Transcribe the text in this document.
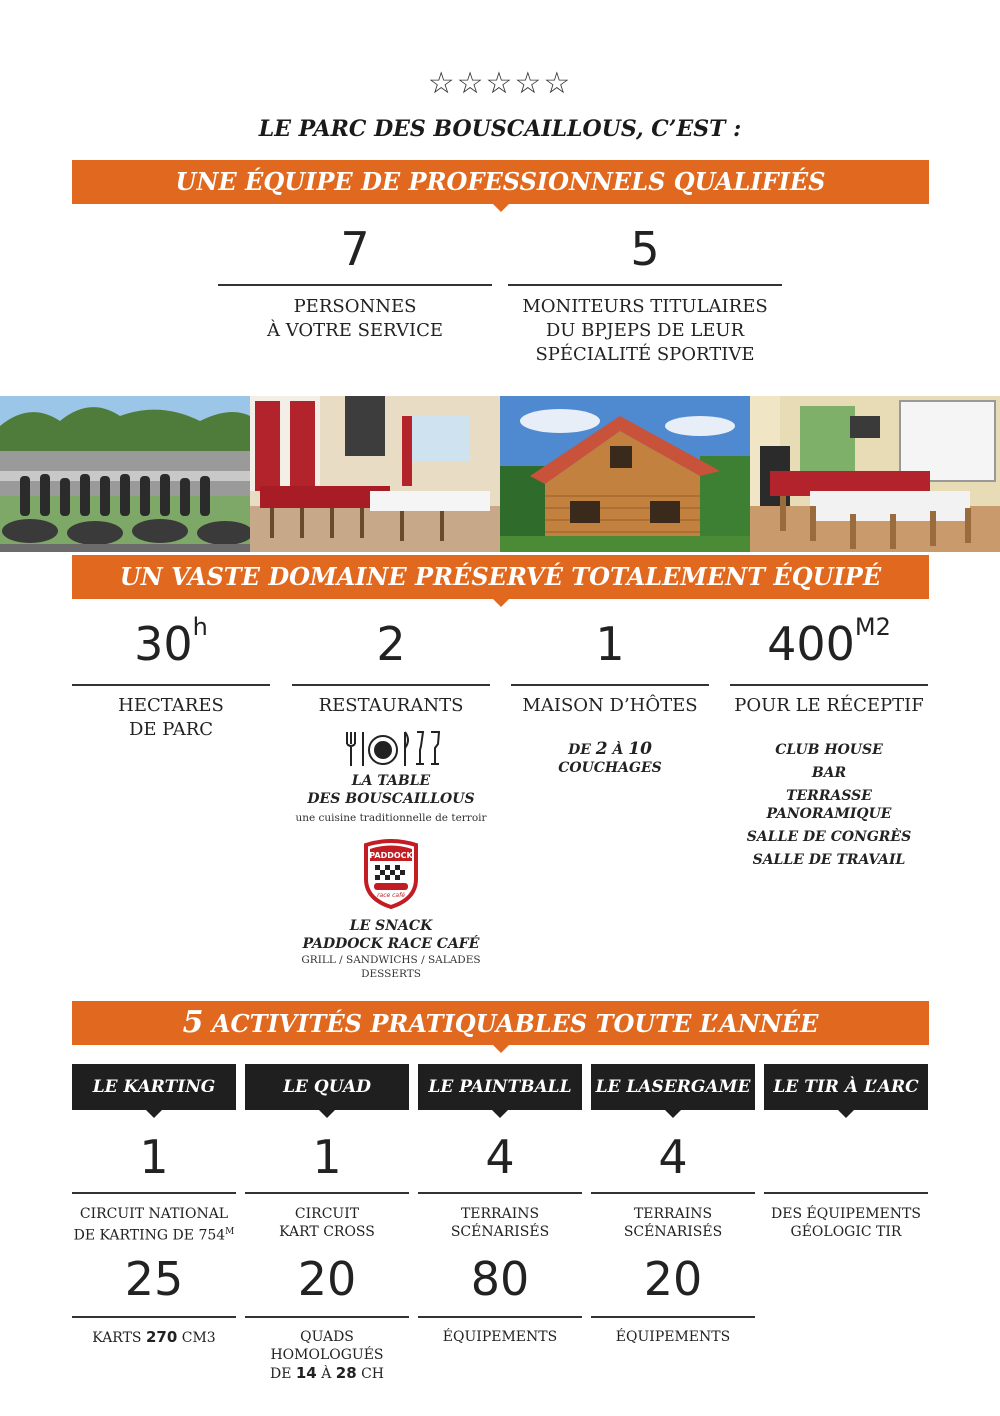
☆☆☆☆☆
LE PARC DES BOUSCAILLOUS, C’EST :
UNE ÉQUIPE DE PROFESSIONNELS QUALIFIÉS
7
PERSONNES
À VOTRE SERVICE
5
MONITEURS TITULAIRES
DU BPJEPS DE LEUR
SPÉCIALITÉ SPORTIVE
UN VASTE DOMAINE PRÉSERVÉ TOTALEMENT ÉQUIPÉ
30$^h$
HECTARES
DE PARC
2
RESTAURANTS
LA TABLE
DES BOUSCAILLOUS
une cuisine traditionnelle de terroir
PADDOCK
race café
LE SNACK
PADDOCK RACE CAFÉ
GRILL / SANDWICHS / SALADES
DESSERTS
1
MAISON D’HÔTES
DE 2 À 10
COUCHAGES
$400^{M2}$
POUR LE RÉCEPTIF
CLUB HOUSE
BAR
TERRASSE
PANORAMIQUE
SALLE DE CONGRÈS
SALLE DE TRAVAIL
5 ACTIVITÉS PRATIQUABLES TOUTE L’ANNÉE
LE KARTING
1
CIRCUIT NATIONAL
DE KARTING DE $754^M$
25
KARTS 270 CM3
LE QUAD
1
CIRCUIT
KART CROSS
20
QUADS
HOMOLOGUÉS
DE 14 À 28 CH
LE PAINTBALL
4
TERRAINS
SCÉNARISÉS
80
ÉQUIPEMENTS
LE LASERGAME
4
TERRAINS
SCÉNARISÉS
20
ÉQUIPEMENTS
LE TIR À L’ARC
DES ÉQUIPEMENTS
GÉOLOGIC TIR
